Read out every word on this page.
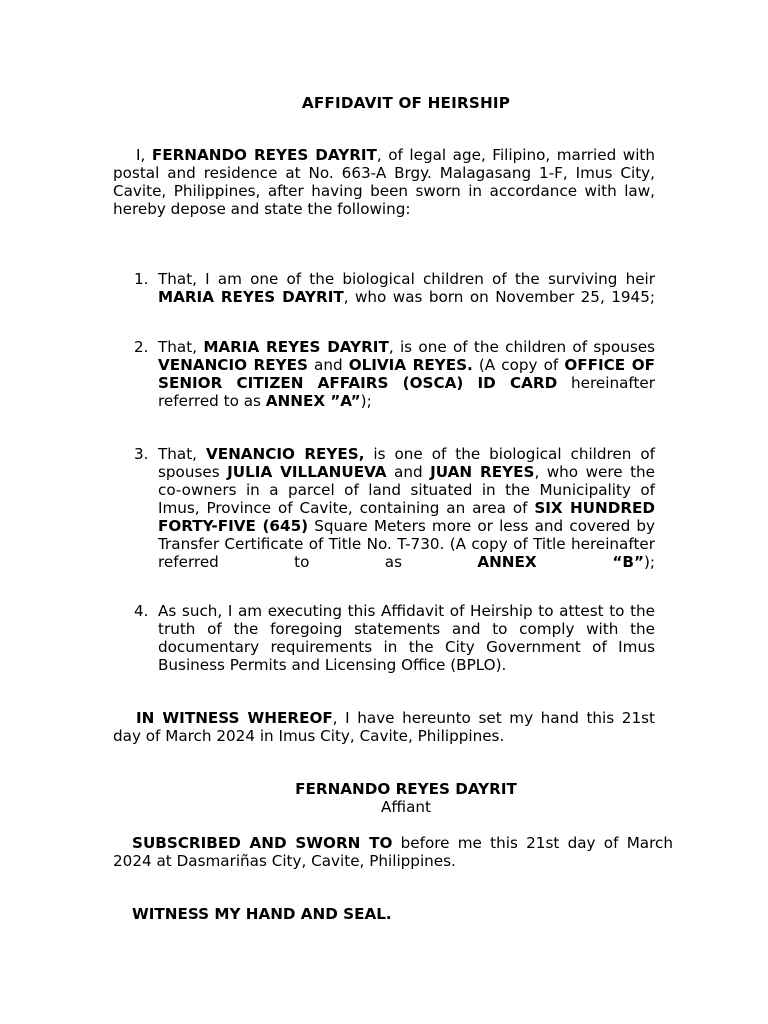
AFFIDAVIT OF HEIRSHIP

I, FERNANDO REYES DAYRIT, of legal age, Filipino, married with postal and residence at No. 663-A Brgy. Malagasang 1-F, Imus City, Cavite, Philippines, after having been sworn in accordance with law, hereby depose and state the following:

1. That, I am one of the biological children of the surviving heir MARIA REYES DAYRIT, who was born on November 25, 1945;

2. That, MARIA REYES DAYRIT, is one of the children of spouses VENANCIO REYES and OLIVIA REYES. (A copy of OFFICE OF SENIOR CITIZEN AFFAIRS (OSCA) ID CARD hereinafter referred to as ANNEX ”A”);

3. That, VENANCIO REYES, is one of the biological children of spouses JULIA VILLANUEVA and JUAN REYES, who were the co-owners in a parcel of land situated in the Municipality of Imus, Province of Cavite, containing an area of SIX HUNDRED FORTY-FIVE (645) Square Meters more or less and covered by Transfer Certificate of Title No. T-730. (A copy of Title hereinafter referred to as ANNEX “B”);

4. As such, I am executing this Affidavit of Heirship to attest to the truth of the foregoing statements and to comply with the documentary requirements in the City Government of Imus Business Permits and Licensing Office (BPLO).

IN WITNESS WHEREOF, I have hereunto set my hand this 21st day of March 2024 in Imus City, Cavite, Philippines.

FERNANDO REYES DAYRIT
Affiant

SUBSCRIBED AND SWORN TO before me this 21st day of March 2024 at Dasmariñas City, Cavite, Philippines.

WITNESS MY HAND AND SEAL.
